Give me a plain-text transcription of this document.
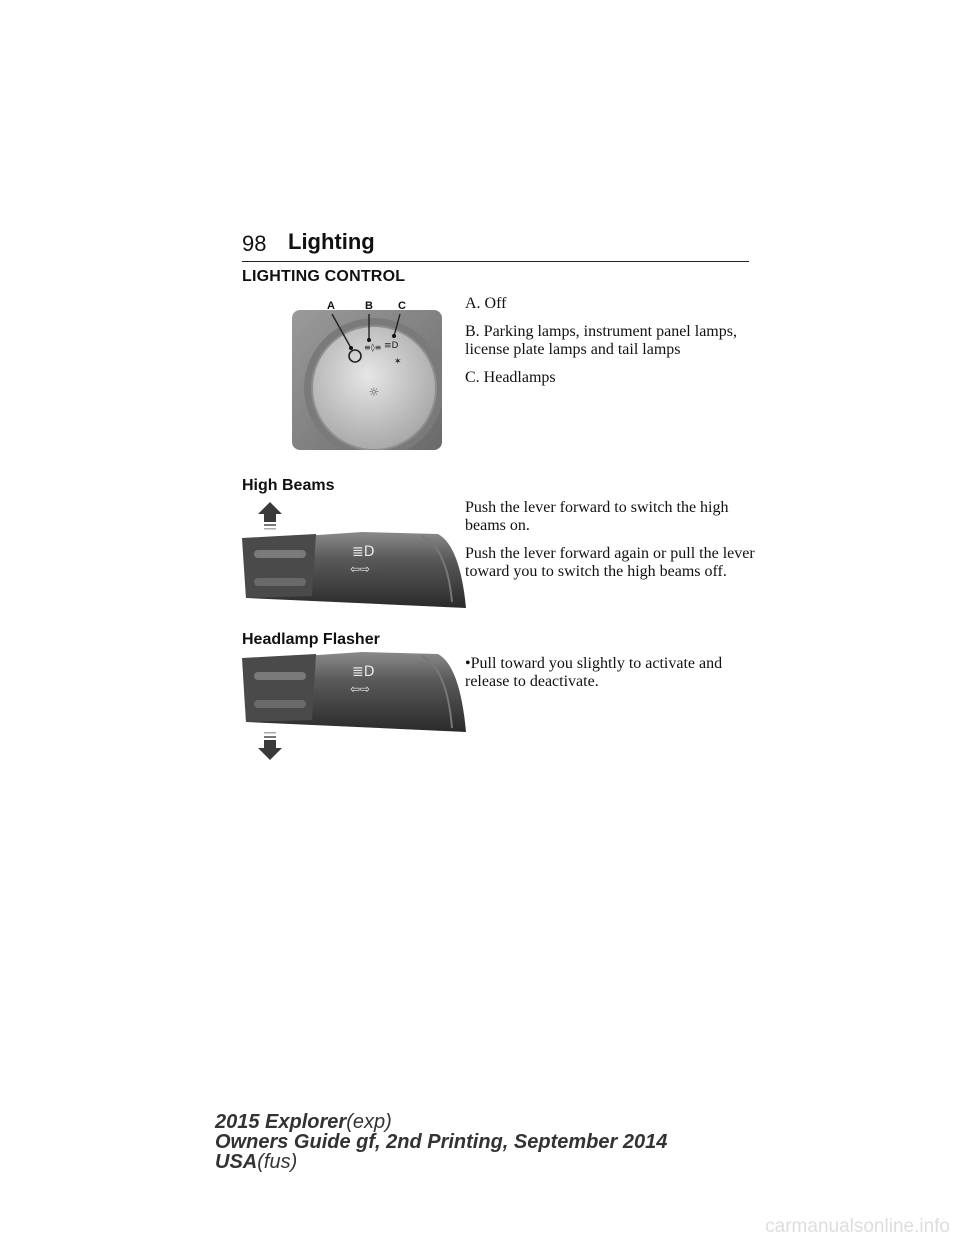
98 Lighting
LIGHTING CONTROL
≡◊≡ ≡D
✶
☼
A	B C	A. Off

B. Parking lamps, instrument panel lamps, license plate lamps and tail lamps

C. Headlamps

High Beams
≣D
⇦⇨

Push the lever forward to switch the high beams on.

Push the lever forward again or pull the lever toward you to switch the high beams off.

Headlamp Flasher
≣D
⇦⇨

•Pull toward you slightly to activate and release to deactivate.

2015 Explorer(exp)
Owners Guide gf, 2nd Printing, September 2014
USA(fus)
carmanualsonline.info
